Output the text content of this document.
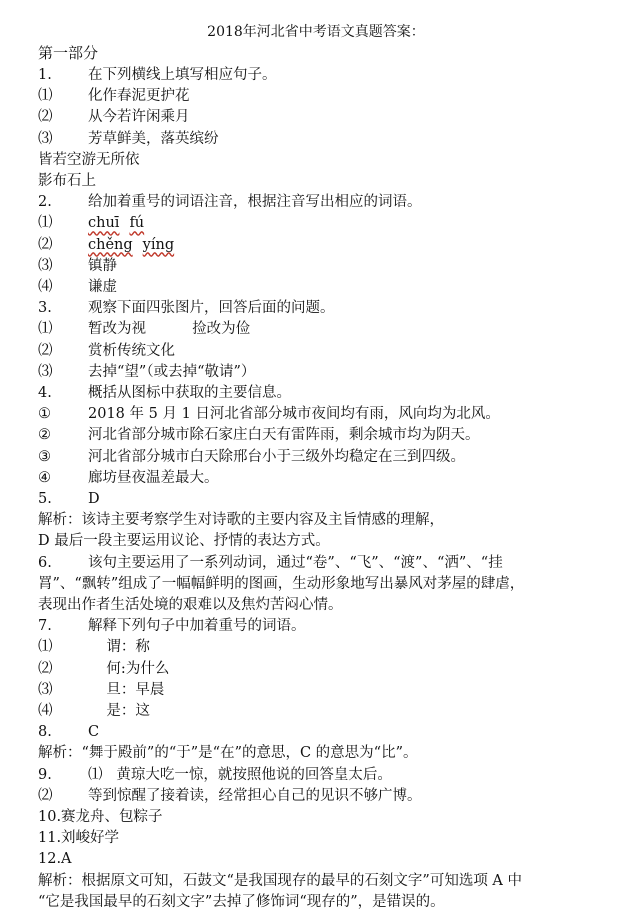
2018年河北省中考语文真题答案：
第一部分
1. 在下列横线上填写相应句子。
⑴ 化作春泥更护花
⑵ 从今若许闲乘月
⑶ 芳草鲜美，落英缤纷
皆若空游无所依
影布石上
2. 给加着重号的词语注音，根据注音写出相应的词语。
⑴ chuī fú
⑵ chěng yíng
⑶ 镇静
⑷ 谦虚
3. 观察下面四张图片，回答后面的问题。
⑴ 暂改为视          捡改为俭
⑵ 赏析传统文化
⑶ 去掉“望”（或去掉“敬请”）
4. 概括从图标中获取的主要信息。
①	2018 年 5 月 1 日河北省部分城市夜间均有雨，风向均为北风。
②	河北省部分城市除石家庄白天有雷阵雨，剩余城市均为阴天。
③	河北省部分城市白天除邢台小于三级外均稳定在三到四级。
④	廊坊昼夜温差最大。
5. D
解析：该诗主要考察学生对诗歌的主要内容及主旨情感的理解，
D 最后一段主要运用议论、抒情的表达方式。
6. 该句主要运用了一系列动词，通过“卷”、“飞”、“渡”、“洒”、“挂
罥”、“飘转”组成了一幅幅鲜明的图画，生动形象地写出暴风对茅屋的肆虐，
表现出作者生活处境的艰难以及焦灼苦闷心情。
7. 解释下列句子中加着重号的词语。
⑴    谓：称
⑵    何:为什么
⑶    旦：早晨
⑷    是：这
8. C
解析：“舞于殿前”的“于”是“在”的意思，C 的意思为“比”。
9. ⑴   黄琼大吃一惊，就按照他说的回答皇太后。
⑵ 等到惊醒了接着读，经常担心自己的见识不够广博。
10.赛龙舟、包粽子
11.刘峻好学
12.A
解析：根据原文可知，石鼓文“是我国现存的最早的石刻文字”可知选项 A 中
“它是我国最早的石刻文字”去掉了修饰词“现存的”，是错误的。
